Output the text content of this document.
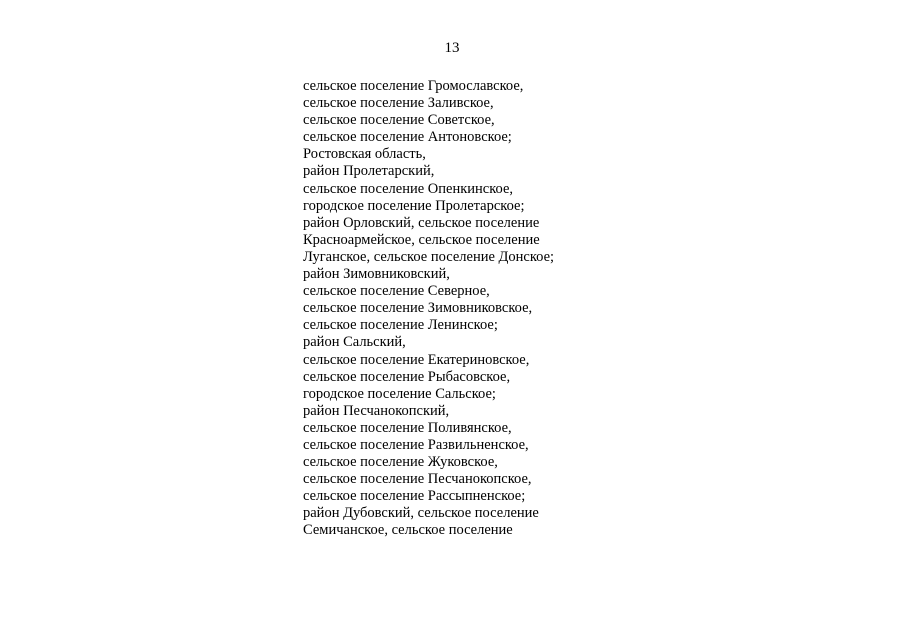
13
сельское поселение Громославское,
сельское поселение Заливское,
сельское поселение Советское,
сельское поселение Антоновское;
Ростовская область,
район Пролетарский,
сельское поселение Опенкинское,
городское поселение Пролетарское;
район Орловский, сельское поселение
Красноармейское, сельское поселение
Луганское, сельское поселение Донское;
район Зимовниковский,
сельское поселение Северное,
сельское поселение Зимовниковское,
сельское поселение Ленинское;
район Сальский,
сельское поселение Екатериновское,
сельское поселение Рыбасовское,
городское поселение Сальское;
район Песчанокопский,
сельское поселение Поливянское,
сельское поселение Развильненское,
сельское поселение Жуковское,
сельское поселение Песчанокопское,
сельское поселение Рассыпненское;
район Дубовский, сельское поселение
Семичанское, сельское поселение
